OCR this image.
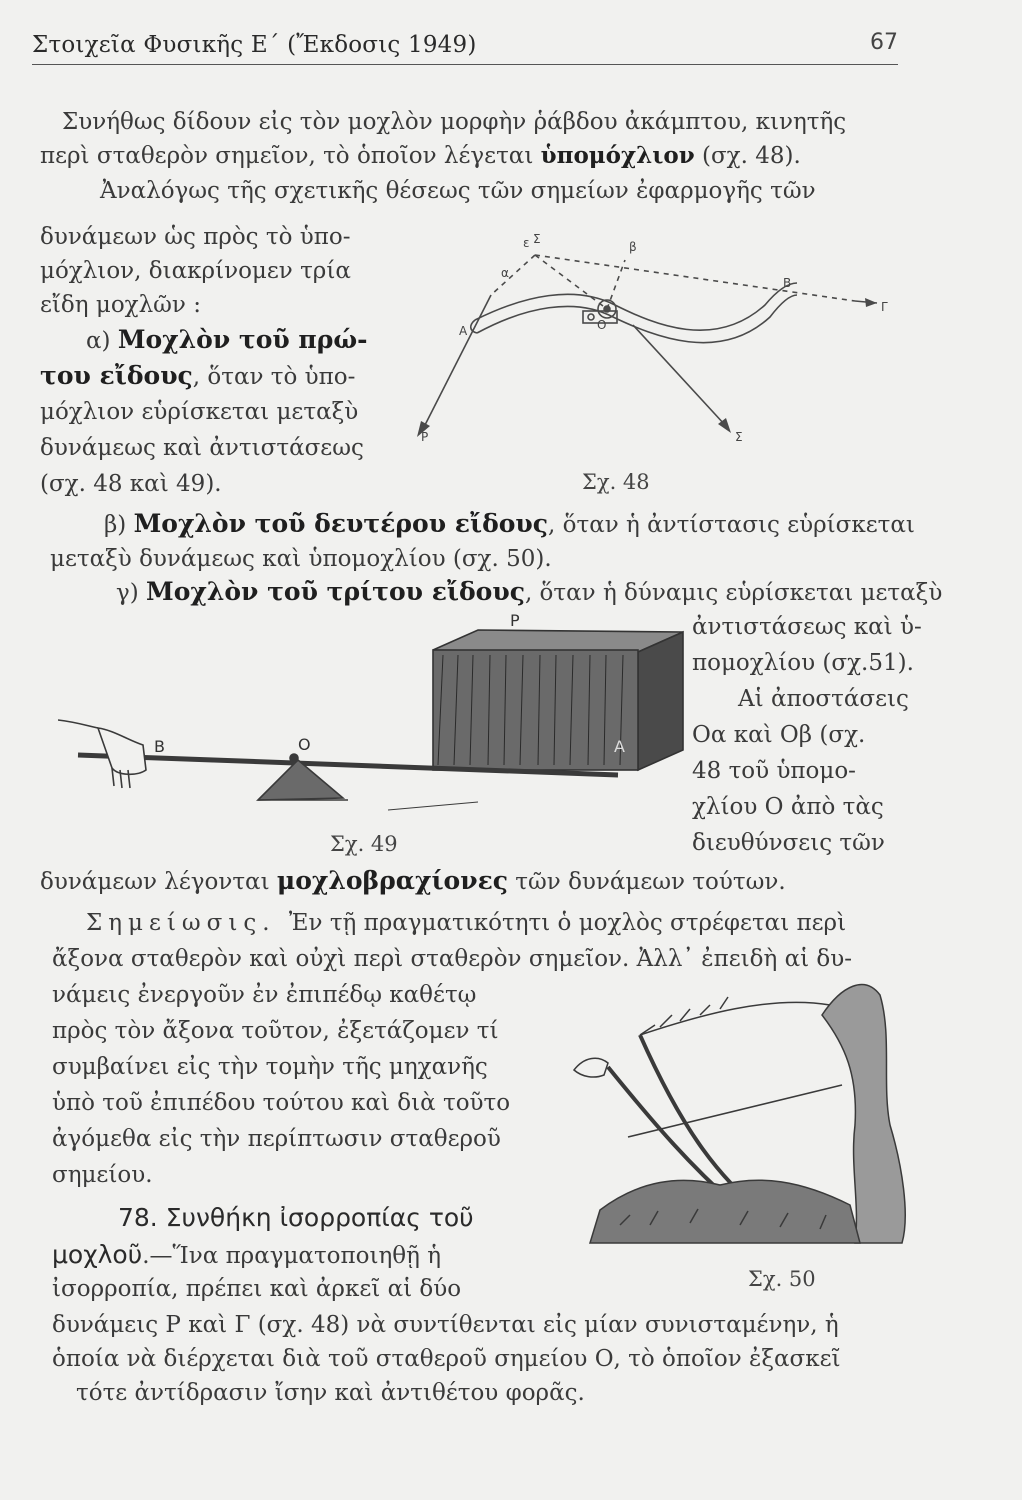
Στοιχεῖα Φυσικῆς Ε΄ (Ἔκδοσις 1949)	67
Συνήθως δίδουν εἰς τὸν μοχλὸν μορφὴν ῥάβδου ἀκάμπτου, κινητῆς
περὶ σταθερὸν σημεῖον, τὸ ὁποῖον λέγεται ὑπομόχλιον (σχ. 48).
Ἀναλόγως τῆς σχετικῆς θέσεως τῶν σημείων ἐφαρμογῆς τῶν
δυνάμεων ὡς πρὸς τὸ ὑπο-
μόχλιον, διακρίνομεν τρία
εἴδη μοχλῶν :
α) Μοχλὸν τοῦ πρώ-
του εἴδους, ὅταν τὸ ὑπο-
μόχλιον εὑρίσκεται μεταξὺ
δυνάμεως καὶ ἀντιστάσεως
(σχ. 48 καὶ 49).
ε Σ
β
α
B
Γ
A
P	Σ
O
Σχ. 48
β) Μοχλὸν τοῦ δευτέρου εἴδους, ὅταν ἡ ἀντίστασις εὑρίσκεται
μεταξὺ δυνάμεως καὶ ὑπομοχλίου (σχ. 50).
γ) Μοχλὸν τοῦ τρίτου εἴδους, ὅταν ἡ δύναμις εὑρίσκεται μεταξὺ
ἀντιστάσεως καὶ ὑ-
πομοχλίου (σχ.51).
Αἱ ἀποστάσεις
Οα καὶ Οβ (σχ.
48 τοῦ ὑπομο-
χλίου Ο ἀπὸ τὰς
διευθύνσεις τῶν
P
B	O	A
Σχ. 49
δυνάμεων λέγονται μοχλοβραχίονες τῶν δυνάμεων τούτων.
Σημείωσις. Ἐν τῇ πραγματικότητι ὁ μοχλὸς στρέφεται περὶ
ἄξονα σταθερὸν καὶ οὐχὶ περὶ σταθερὸν σημεῖον. Ἀλλ᾽ ἐπειδὴ αἱ δυ-
νάμεις ἐνεργοῦν ἐν ἐπιπέδῳ καθέτῳ
πρὸς τὸν ἄξονα τοῦτον, ἐξετάζομεν τί
συμβαίνει εἰς τὴν τομὴν τῆς μηχανῆς
ὑπὸ τοῦ ἐπιπέδου τούτου καὶ διὰ τοῦτο
ἀγόμεθα εἰς τὴν περίπτωσιν σταθεροῦ
σημείου.
Σχ. 50
78. Συνθήκη ἰσορροπίας τοῦ
μοχλοῦ.—Ἵνα πραγματοποιηθῇ ἡ
ἰσορροπία, πρέπει καὶ ἀρκεῖ αἱ δύο
δυνάμεις P καὶ Γ (σχ. 48) νὰ συντίθενται εἰς μίαν συνισταμένην, ἡ
ὁποία νὰ διέρχεται διὰ τοῦ σταθεροῦ σημείου Ο, τὸ ὁποῖον ἐξασκεῖ
τότε ἀντίδρασιν ἴσην καὶ ἀντιθέτου φορᾶς.
